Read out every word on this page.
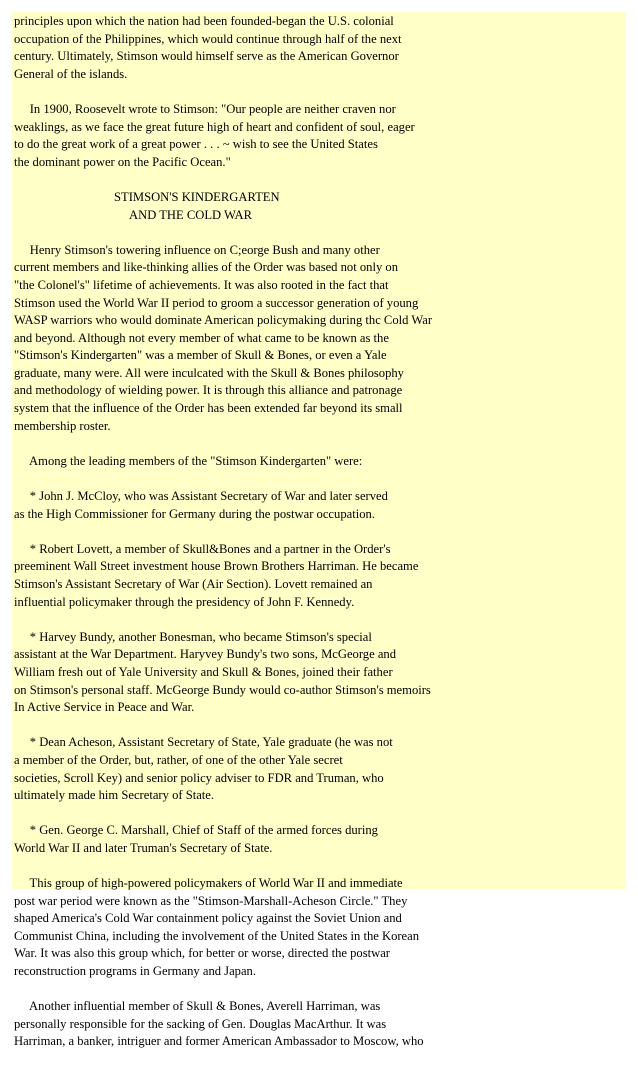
principles upon which the nation had been founded-began the U.S. colonial
occupation of the Philippines, which would continue through half of the next
century. Ultimately, Stimson would himself serve as the American Governor
General of the islands.

In 1900, Roosevelt wrote to Stimson: "Our people are neither craven nor
weaklings, as we face the great future high of heart and confident of soul, eager
to do the great work of a great power . . . ~ wish to see the United States
the dominant power on the Pacific Ocean."

STIMSON'S KINDERGARTEN
AND THE COLD WAR

Henry Stimson's towering influence on C;eorge Bush and many other
current members and like-thinking allies of the Order was based not only on
"the Colonel's" lifetime of achievements. It was also rooted in the fact that
Stimson used the World War II period to groom a successor generation of young
WASP warriors who would dominate American policymaking during thc Cold War
and beyond. Although not every member of what came to be known as the
"Stimson's Kindergarten" was a member of Skull & Bones, or even a Yale
graduate, many were. All were inculcated with the Skull & Bones philosophy
and methodology of wielding power. It is through this alliance and patronage
system that the influence of the Order has been extended far beyond its small
membership roster.

Among the leading members of the "Stimson Kindergarten" were:

* John J. McCloy, who was Assistant Secretary of War and later served
as the High Commissioner for Germany during the postwar occupation.

* Robert Lovett, a member of Skull&Bones and a partner in the Order's
preeminent Wall Street investment house Brown Brothers Harriman. He became
Stimson's Assistant Secretary of War (Air Section). Lovett remained an
influential policymaker through the presidency of John F. Kennedy.

* Harvey Bundy, another Bonesman, who became Stimson's special
assistant at the War Department. Haryvey Bundy's two sons, McGeorge and
William fresh out of Yale University and Skull & Bones, joined their father
on Stimson's personal staff. McGeorge Bundy would co-author Stimson's memoirs
In Active Service in Peace and War.

* Dean Acheson, Assistant Secretary of State, Yale graduate (he was not
a member of the Order, but, rather, of one of the other Yale secret
societies, Scroll Key) and senior policy adviser to FDR and Truman, who
ultimately made him Secretary of State.

* Gen. George C. Marshall, Chief of Staff of the armed forces during
World War II and later Truman's Secretary of State.

This group of high-powered policymakers of World War II and immediate
post war period were known as the "Stimson-Marshall-Acheson Circle." They
shaped America's Cold War containment policy against the Soviet Union and
Communist China, including the involvement of the United States in the Korean
War. It was also this group which, for better or worse, directed the postwar
reconstruction programs in Germany and Japan.

Another influential member of Skull & Bones, Averell Harriman, was
personally responsible for the sacking of Gen. Douglas MacArthur. It was
Harriman, a banker, intriguer and former American Ambassador to Moscow, who
